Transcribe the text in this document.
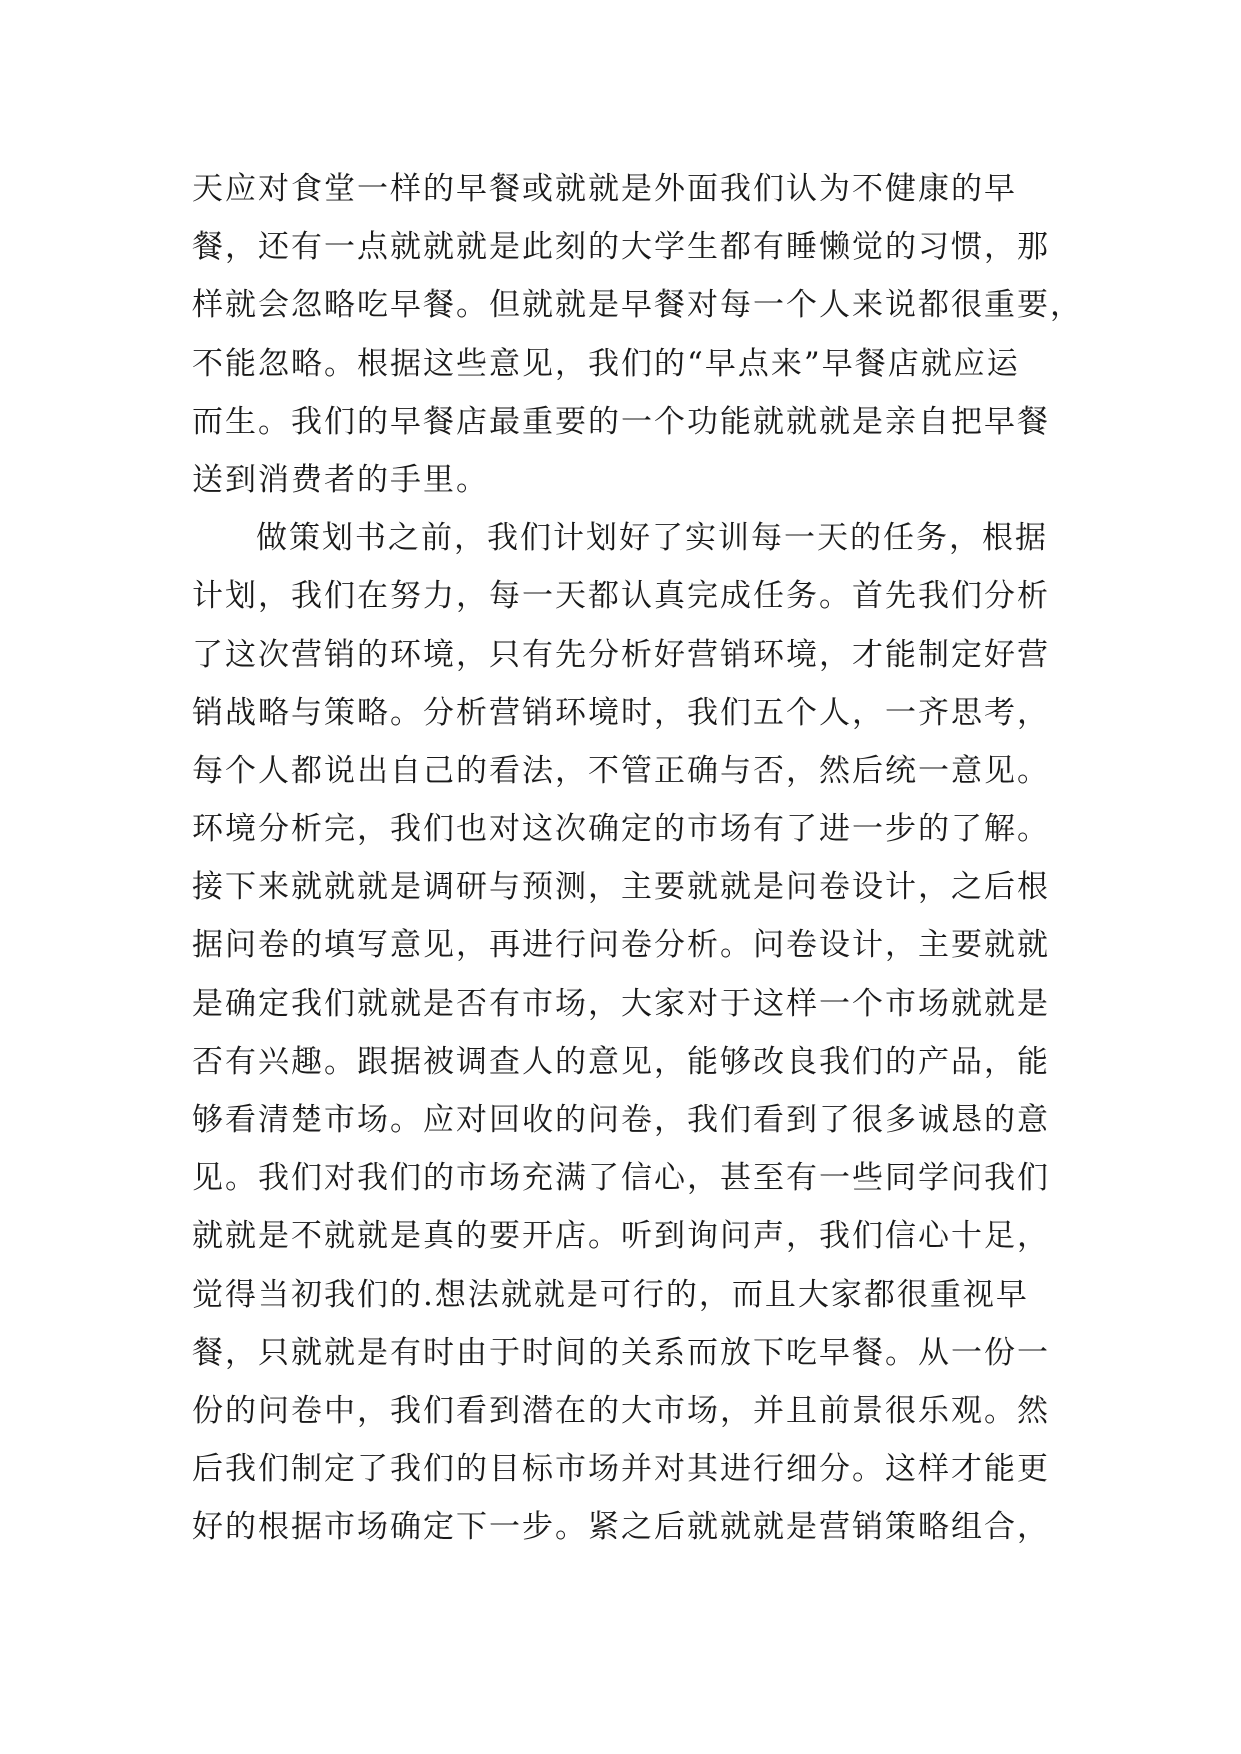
天应对食堂一样的早餐或就就是外面我们认为不健康的早
餐，还有一点就就就是此刻的大学生都有睡懒觉的习惯，那
样就会忽略吃早餐。但就就是早餐对每一个人来说都很重要，
不能忽略。根据这些意见，我们的“早点来”早餐店就应运
而生。我们的早餐店最重要的一个功能就就就是亲自把早餐
送到消费者的手里。
做策划书之前，我们计划好了实训每一天的任务，根据
计划，我们在努力，每一天都认真完成任务。首先我们分析
了这次营销的环境，只有先分析好营销环境，才能制定好营
销战略与策略。分析营销环境时，我们五个人，一齐思考，
每个人都说出自己的看法，不管正确与否，然后统一意见。
环境分析完，我们也对这次确定的市场有了进一步的了解。
接下来就就就是调研与预测，主要就就是问卷设计，之后根
据问卷的填写意见，再进行问卷分析。问卷设计，主要就就
是确定我们就就是否有市场，大家对于这样一个市场就就是
否有兴趣。跟据被调查人的意见，能够改良我们的产品，能
够看清楚市场。应对回收的问卷，我们看到了很多诚恳的意
见。我们对我们的市场充满了信心，甚至有一些同学问我们
就就是不就就是真的要开店。听到询问声，我们信心十足，
觉得当初我们的.想法就就是可行的，而且大家都很重视早
餐，只就就是有时由于时间的关系而放下吃早餐。从一份一
份的问卷中，我们看到潜在的大市场，并且前景很乐观。然
后我们制定了我们的目标市场并对其进行细分。这样才能更
好的根据市场确定下一步。紧之后就就就是营销策略组合，
